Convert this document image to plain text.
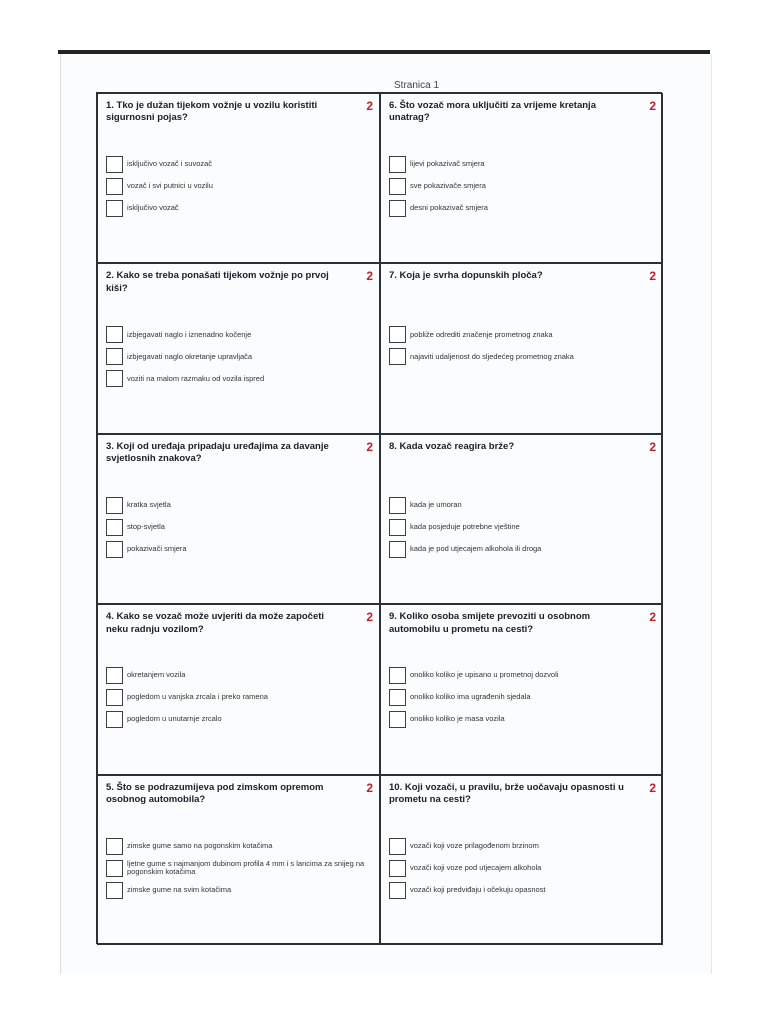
Stranica 1
1. Tko je dužan tijekom vožnje u vozilu koristiti sigurnosni pojas?
2
isključivo vozač i suvozač
vozač i svi putnici u vozilu
isključivo vozač
6. Što vozač mora uključiti za vrijeme kretanja unatrag?
2
lijevi pokazivač smjera
sve pokazivače smjera
desni pokazivač smjera
2. Kako se treba ponašati tijekom vožnje po prvoj kiši?
2
izbjegavati naglo i iznenadno kočenje
izbjegavati naglo okretanje upravljača
voziti na malom razmaku od vozila ispred
7. Koja je svrha dopunskih ploča?	2
pobliže odrediti značenje prometnog znaka
najaviti udaljenost do sljedećeg prometnog znaka
3. Koji od uređaja pripadaju uređajima za davanje svjetlosnih znakova?
2
kratka svjetla
stop-svjetla
pokazivači smjera
8. Kada vozač reagira brže?	2
kada je umoran
kada posjeduje potrebne vještine
kada je pod utjecajem alkohola ili droga
4. Kako se vozač može uvjeriti da može započeti neku radnju vozilom?
2
okretanjem vozila
pogledom u vanjska zrcala i preko ramena
pogledom u unutarnje zrcalo
9. Koliko osoba smijete prevoziti u osobnom automobilu u prometu na cesti?
2
onoliko koliko je upisano u prometnoj dozvoli
onoliko koliko ima ugrađenih sjedala
onoliko koliko je masa vozila
5. Što se podrazumijeva pod zimskom opremom osobnog automobila?
2
zimske gume samo na pogonskim kotačima
ljetne gume s najmanjom dubinom profila 4 mm i s lancima za snijeg na pogonskim kotačima
zimske gume na svim kotačima
10. Koji vozači, u pravilu, brže uočavaju opasnosti u prometu na cesti?
2
vozači koji voze prilagođenom brzinom
vozači koji voze pod utjecajem alkohola
vozači koji predviđaju i očekuju opasnost
